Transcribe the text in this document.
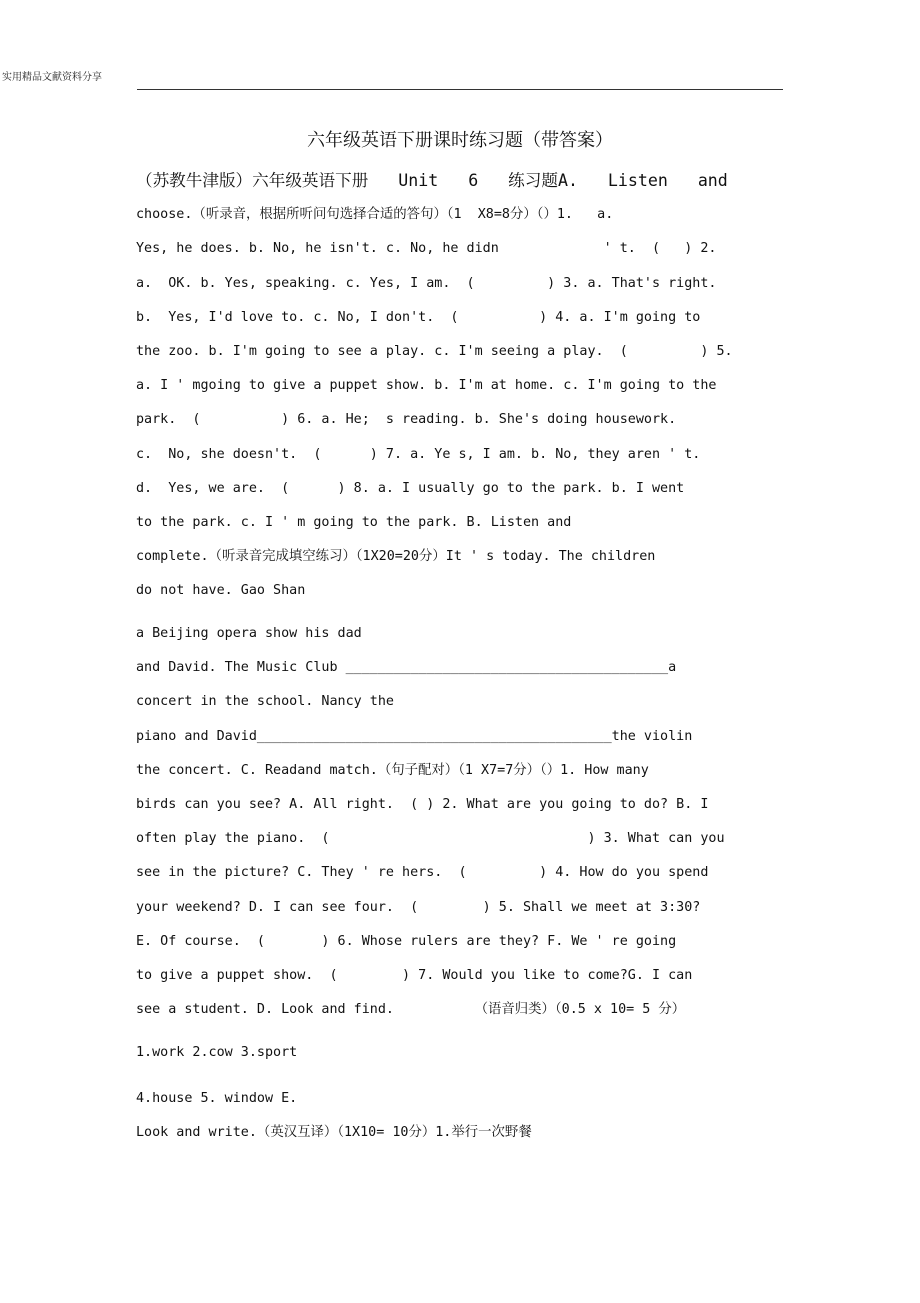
实用精品文献资料分享
六年级英语下册课时练习题（带答案）
（苏教牛津版）六年级英语下册   Unit   6   练习题A.   Listen   and
choose.（听录音，根据所听问句选择合适的答句）（1  X8=8分）（）1.   a.
Yes, he does. b. No, he isn't. c. No, he didn             ' t.  (   ) 2.
a.  OK. b. Yes, speaking. c. Yes, I am.  (         ) 3. a. That's right.
b.  Yes, I'd love to. c. No, I don't.  (          ) 4. a. I'm going to
the zoo. b. I'm going to see a play. c. I'm seeing a play.  (         ) 5.
a. I ' mgoing to give a puppet show. b. I'm at home. c. I'm going to the
park.  (          ) 6. a. He;  s reading. b. She's doing housework.
c.  No, she doesn't.  (      ) 7. a. Ye s, I am. b. No, they aren ' t.
d.  Yes, we are.  (      ) 8. a. I usually go to the park. b. I went
to the park. c. I ' m going to the park. B. Listen and
complete.（听录音完成填空练习）（1X20=20分）It ' s today. The children
do not have. Gao Shan
a Beijing opera show his dad
and David. The Music Club ________________________________________a
concert in the school. Nancy the
piano and David____________________________________________the violin
the concert. C. Readand match.（句子配对）（1 X7=7分）（）1. How many
birds can you see? A. All right.  ( ) 2. What are you going to do? B. I
often play the piano.  (                                ) 3. What can you
see in the picture? C. They ' re hers.  (         ) 4. How do you spend
your weekend? D. I can see four.  (        ) 5. Shall we meet at 3:30?
E. Of course.  (       ) 6. Whose rulers are they? F. We ' re going
to give a puppet show.  (        ) 7. Would you like to come?G. I can
see a student. D. Look and find.          （语音归类）（0.5 x 10= 5 分）
1.work 2.cow 3.sport
4.house 5. window E.
Look and write.（英汉互译）（1X10= 10分）1.举行一次野餐
